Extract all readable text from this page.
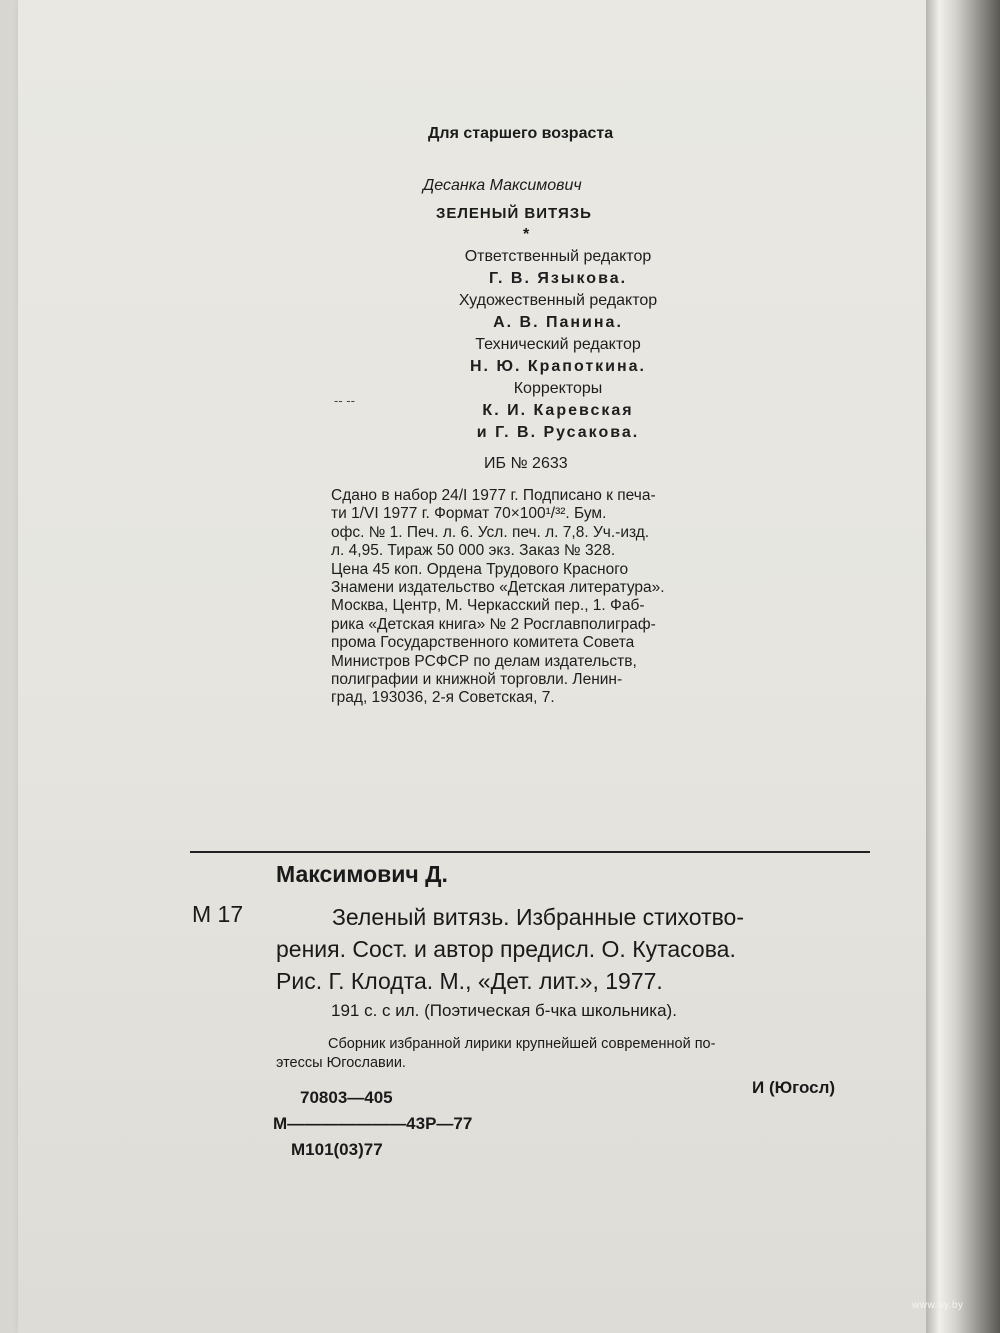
Для старшего возраста
Десанка Максимович
ЗЕЛЕНЫЙ ВИТЯЗЬ
*
Ответственный редактор
Г. В. Языкова.
Художественный редактор
А. В. Панина.
Технический редактор
Н. Ю. Крапоткина.
Корректоры
К. И. Каревская
и Г. В. Русакова.
-- --
ИБ № 2633
Сдано в набор 24/I 1977 г. Подписано к печа-
ти 1/VI 1977 г. Формат 70×100¹/³². Бум.
офс. № 1. Печ. л. 6. Усл. печ. л. 7,8. Уч.-изд.
л. 4,95. Тираж 50 000 экз. Заказ № 328.
Цена 45 коп. Ордена Трудового Красного
Знамени издательство «Детская литература».
Москва, Центр, М. Черкасский пер., 1. Фаб-
рика «Детская книга» № 2 Росглавполиграф-
прома Государственного комитета Совета
Министров РСФСР по делам издательств,
полиграфии и книжной торговли. Ленин-
град, 193036, 2-я Советская, 7.
Максимович Д.
М 17	Зеленый витязь. Избранные стихотво-
рения. Сост. и автор предисл. О. Кутасова.
Рис. Г. Клодта. М., «Дет. лит.», 1977.
191 с. с ил. (Поэтическая б-чка школьника).
Сборник избранной лирики крупнейшей современной по-
этессы Югославии.
И (Югосл)
70803—405
М———————43Р—77
М101(03)77
www.ay.by
